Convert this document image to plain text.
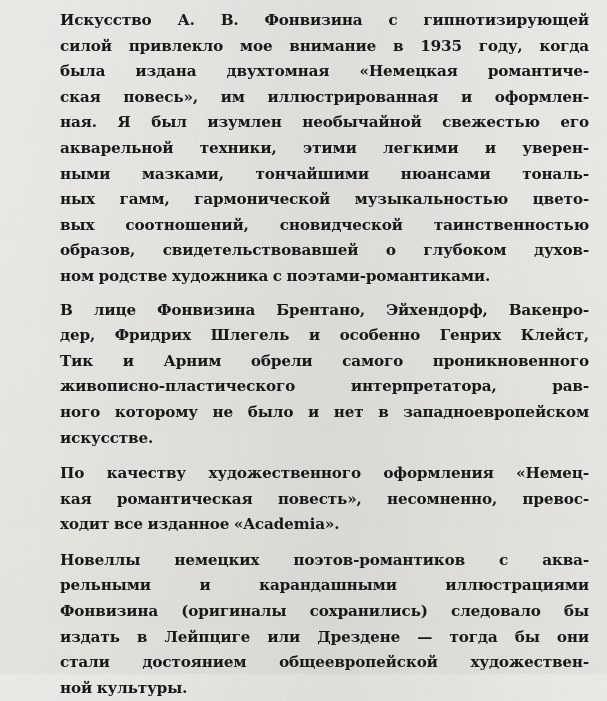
Искусство А. В. Фонвизина с гипнотизирующей
силой привлекло мое внимание в 1935 году, когда
была издана двухтомная «Немецкая романтиче-
ская повесь», им иллюстрированная и оформлен-
ная. Я был изумлен необычайной свежестью его
акварельной техники, этими легкими и уверен-
ными мазками, тончайшими нюансами тональ-
ных гамм, гармонической музыкальностью цвето-
вых соотношений, сновидческой таинственностью
образов, свидетельствовавшей о глубоком духов-
ном родстве художника с поэтами-романтиками.

В лице Фонвизина Брентано, Эйхендорф, Вакенро-
дер, Фридрих Шлегель и особенно Генрих Клейст,
Тик и Арним обрели самого проникновенного
живописно-пластического интерпретатора, рав-
ного которому не было и нет в западноевропейском
искусстве.

По качеству художественного оформления «Немец-
кая романтическая повесть», несомненно, превос-
ходит все изданное «Academia».

Новеллы немецких поэтов-романтиков с аква-
рельными и карандашными иллюстрациями
Фонвизина (оригиналы сохранились) следовало бы
издать в Лейпциге или Дрездене — тогда бы они
стали достоянием общеевропейской художествен-
ной культуры.
